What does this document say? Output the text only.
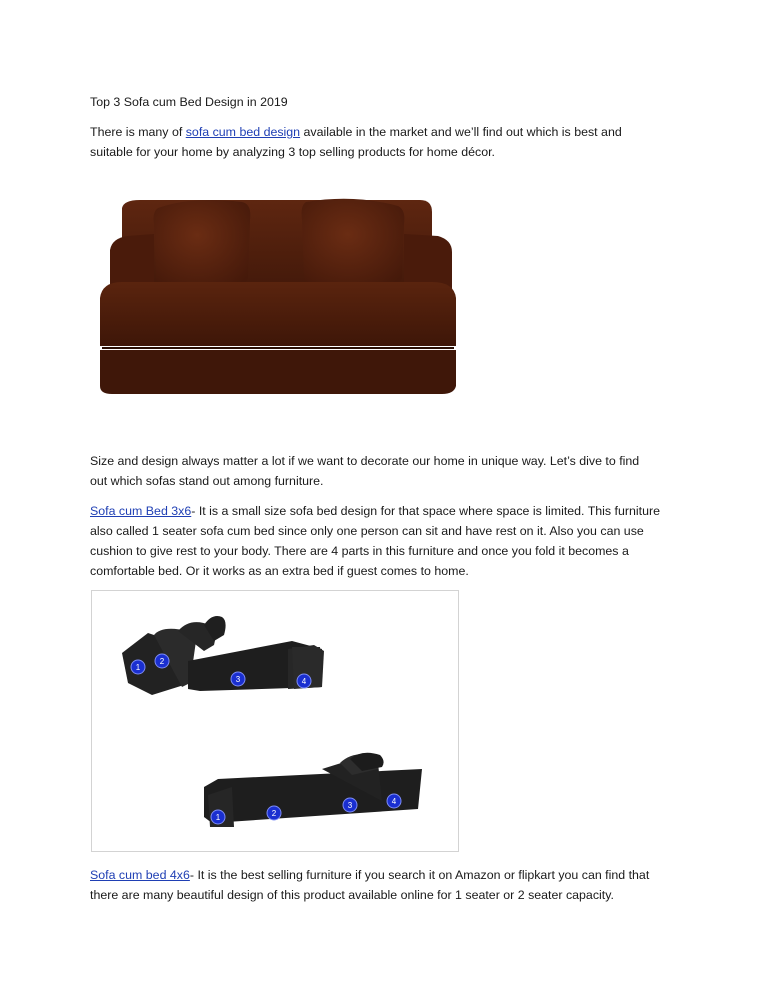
Top 3 Sofa cum Bed Design in 2019

There is many of sofa cum bed design available in the market and we’ll find out which is best and
suitable for your home by analyzing 3 top selling products for home décor.

Size and design always matter a lot if we want to decorate our home in unique way. Let’s dive to find
out which sofas stand out among furniture.

Sofa cum Bed 3x6- It is a small size sofa bed design for that space where space is limited. This furniture
also called 1 seater sofa cum bed since only one person can sit and have rest on it. Also you can use
cushion to give rest to your body. There are 4 parts in this furniture and once you fold it becomes a
comfortable bed. Or it works as an extra bed if guest comes to home.

1
2
3	4
1	2
3	4

Sofa cum bed 4x6- It is the best selling furniture if you search it on Amazon or flipkart you can find that
there are many beautiful design of this product available online for 1 seater or 2 seater capacity.
